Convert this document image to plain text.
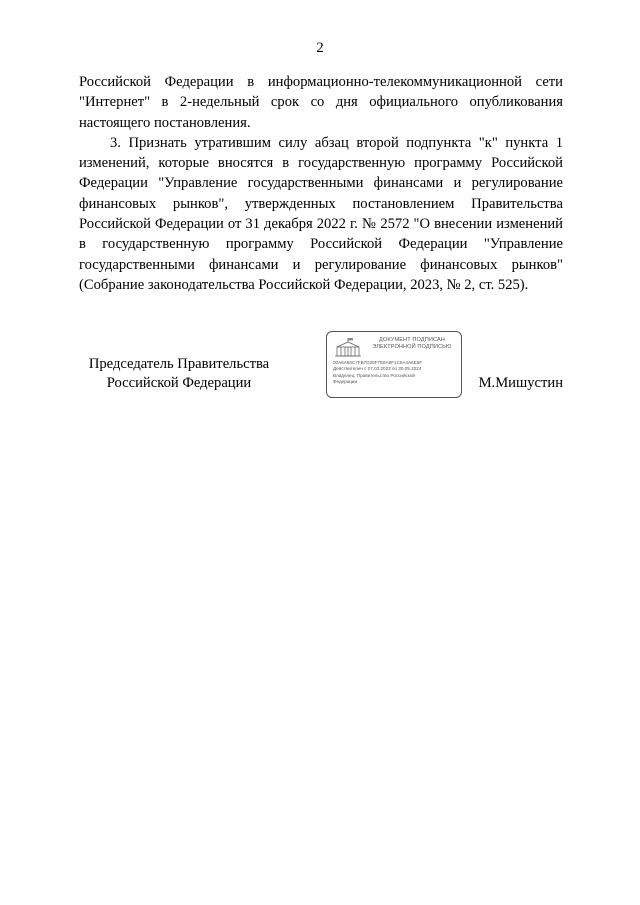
2

Российской Федерации в информационно-телекоммуникационной сети "Интернет" в 2-недельный срок со дня официального опубликования настоящего постановления.

3. Признать утратившим силу абзац второй подпункта "к" пункта 1 изменений, которые вносятся в государственную программу Российской Федерации "Управление государственными финансами и регулирование финансовых рынков", утвержденных постановлением Правительства Российской Федерации от 31 декабря 2022 г. № 2572 "О внесении изменений в государственную программу Российской Федерации "Управление государственными финансами и регулирование финансовых рынков" (Собрание законодательства Российской Федерации, 2023, № 2, ст. 525).

Председатель Правительства
Российской Федерации
ДОКУМЕНТ ПОДПИСАН
ЭЛЕКТРОННОЙ ПОДПИСЬЮ
00A6A56C7FB7D38F7E8A9F1C9A4A6E5F
Действителен с 07.03.2023 по 30.05.2024
Владелец: Правительство Российской
Федерации	М.Мишустин
